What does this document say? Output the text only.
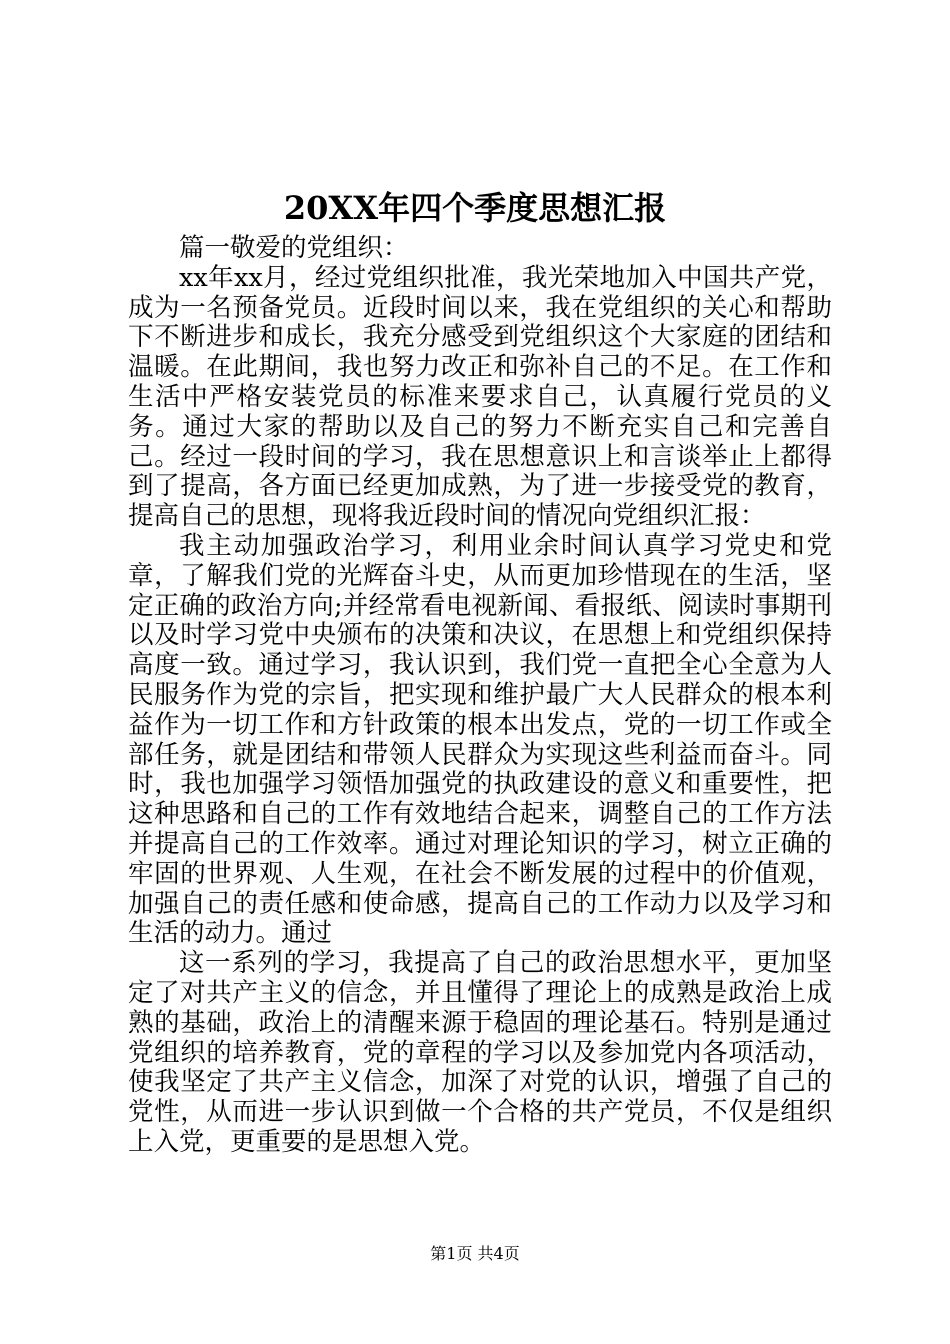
20XX年四个季度思想汇报

篇一敬爱的党组织：

xx年xx月，经过党组织批准，我光荣地加入中国共产党，成为一名预备党员。近段时间以来，我在党组织的关心和帮助下不断进步和成长，我充分感受到党组织这个大家庭的团结和温暖。在此期间，我也努力改正和弥补自己的不足。在工作和生活中严格安装党员的标准来要求自己，认真履行党员的义务。通过大家的帮助以及自己的努力不断充实自己和完善自己。经过一段时间的学习，我在思想意识上和言谈举止上都得到了提高，各方面已经更加成熟，为了进一步接受党的教育，提高自己的思想，现将我近段时间的情况向党组织汇报：

我主动加强政治学习，利用业余时间认真学习党史和党章，了解我们党的光辉奋斗史，从而更加珍惜现在的生活，坚定正确的政治方向;并经常看电视新闻、看报纸、阅读时事期刊以及时学习党中央颁布的决策和决议，在思想上和党组织保持高度一致。通过学习，我认识到，我们党一直把全心全意为人民服务作为党的宗旨，把实现和维护最广大人民群众的根本利益作为一切工作和方针政策的根本出发点，党的一切工作或全部任务，就是团结和带领人民群众为实现这些利益而奋斗。同时，我也加强学习领悟加强党的执政建设的意义和重要性，把这种思路和自己的工作有效地结合起来，调整自己的工作方法并提高自己的工作效率。通过对理论知识的学习，树立正确的牢固的世界观、人生观，在社会不断发展的过程中的价值观，加强自己的责任感和使命感，提高自己的工作动力以及学习和生活的动力。通过

这一系列的学习，我提高了自己的政治思想水平，更加坚定了对共产主义的信念，并且懂得了理论上的成熟是政治上成熟的基础，政治上的清醒来源于稳固的理论基石。特别是通过党组织的培养教育，党的章程的学习以及参加党内各项活动，使我坚定了共产主义信念，加深了对党的认识，增强了自己的党性，从而进一步认识到做一个合格的共产党员，不仅是组织上入党，更重要的是思想入党。

第1页 共4页
